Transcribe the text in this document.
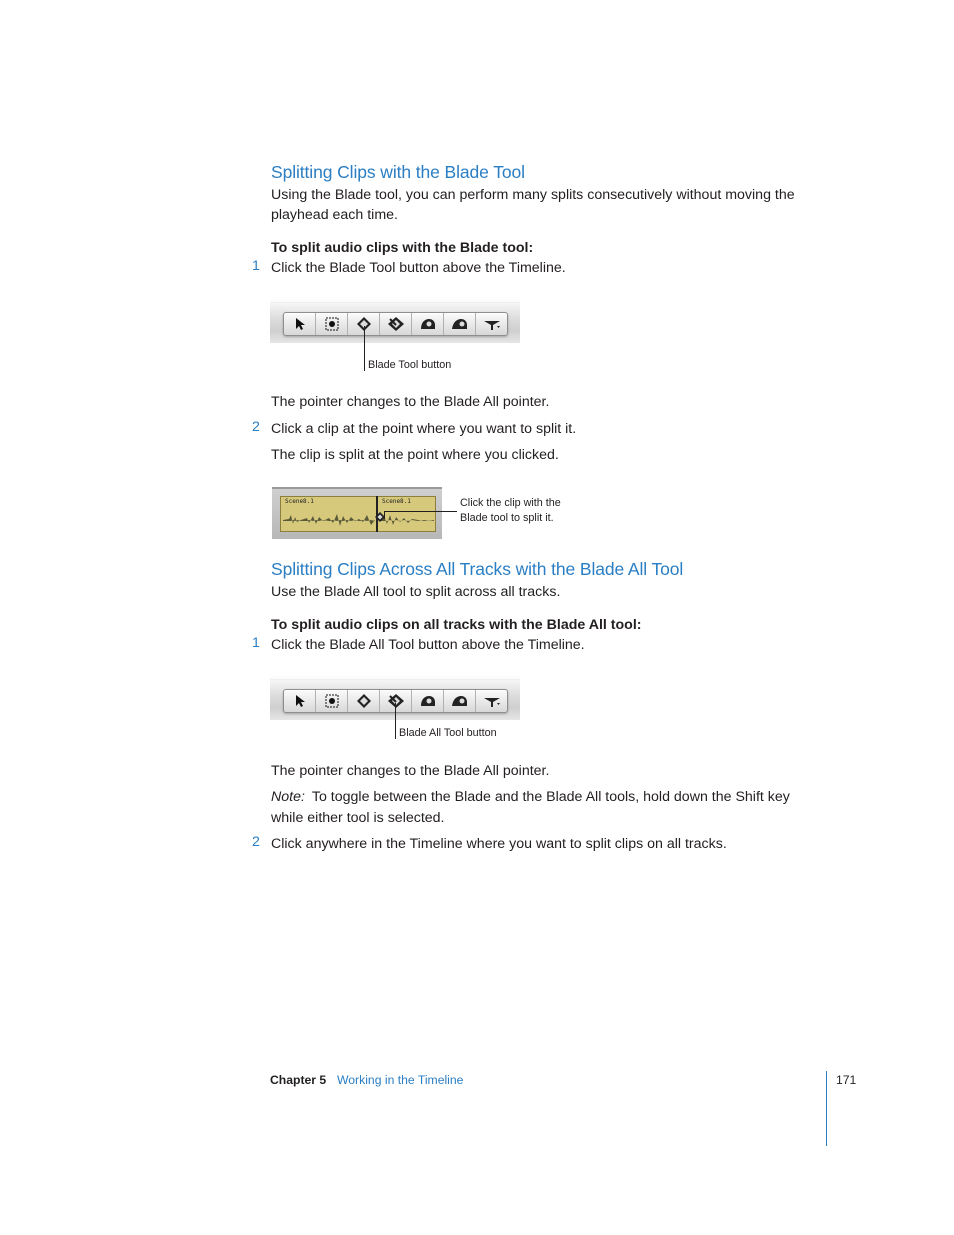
Splitting Clips with the Blade Tool
Using the Blade tool, you can perform many splits consecutively without moving the
playhead each time.
To split audio clips with the Blade tool:
1 Click the Blade Tool button above the Timeline.
Blade Tool button
The pointer changes to the Blade All pointer.
2 Click a clip at the point where you want to split it.
The clip is split at the point where you clicked.
Scene8.1	Scene8.1	Click the clip with the
Blade tool to split it.
Splitting Clips Across All Tracks with the Blade All Tool
Use the Blade All tool to split across all tracks.
To split audio clips on all tracks with the Blade All tool:
1 Click the Blade All Tool button above the Timeline.
Blade All Tool button
The pointer changes to the Blade All pointer.
Note: To toggle between the Blade and the Blade All tools, hold down the Shift key
while either tool is selected.
2 Click anywhere in the Timeline where you want to split clips on all tracks.
Chapter 5 Working in the Timeline	171
